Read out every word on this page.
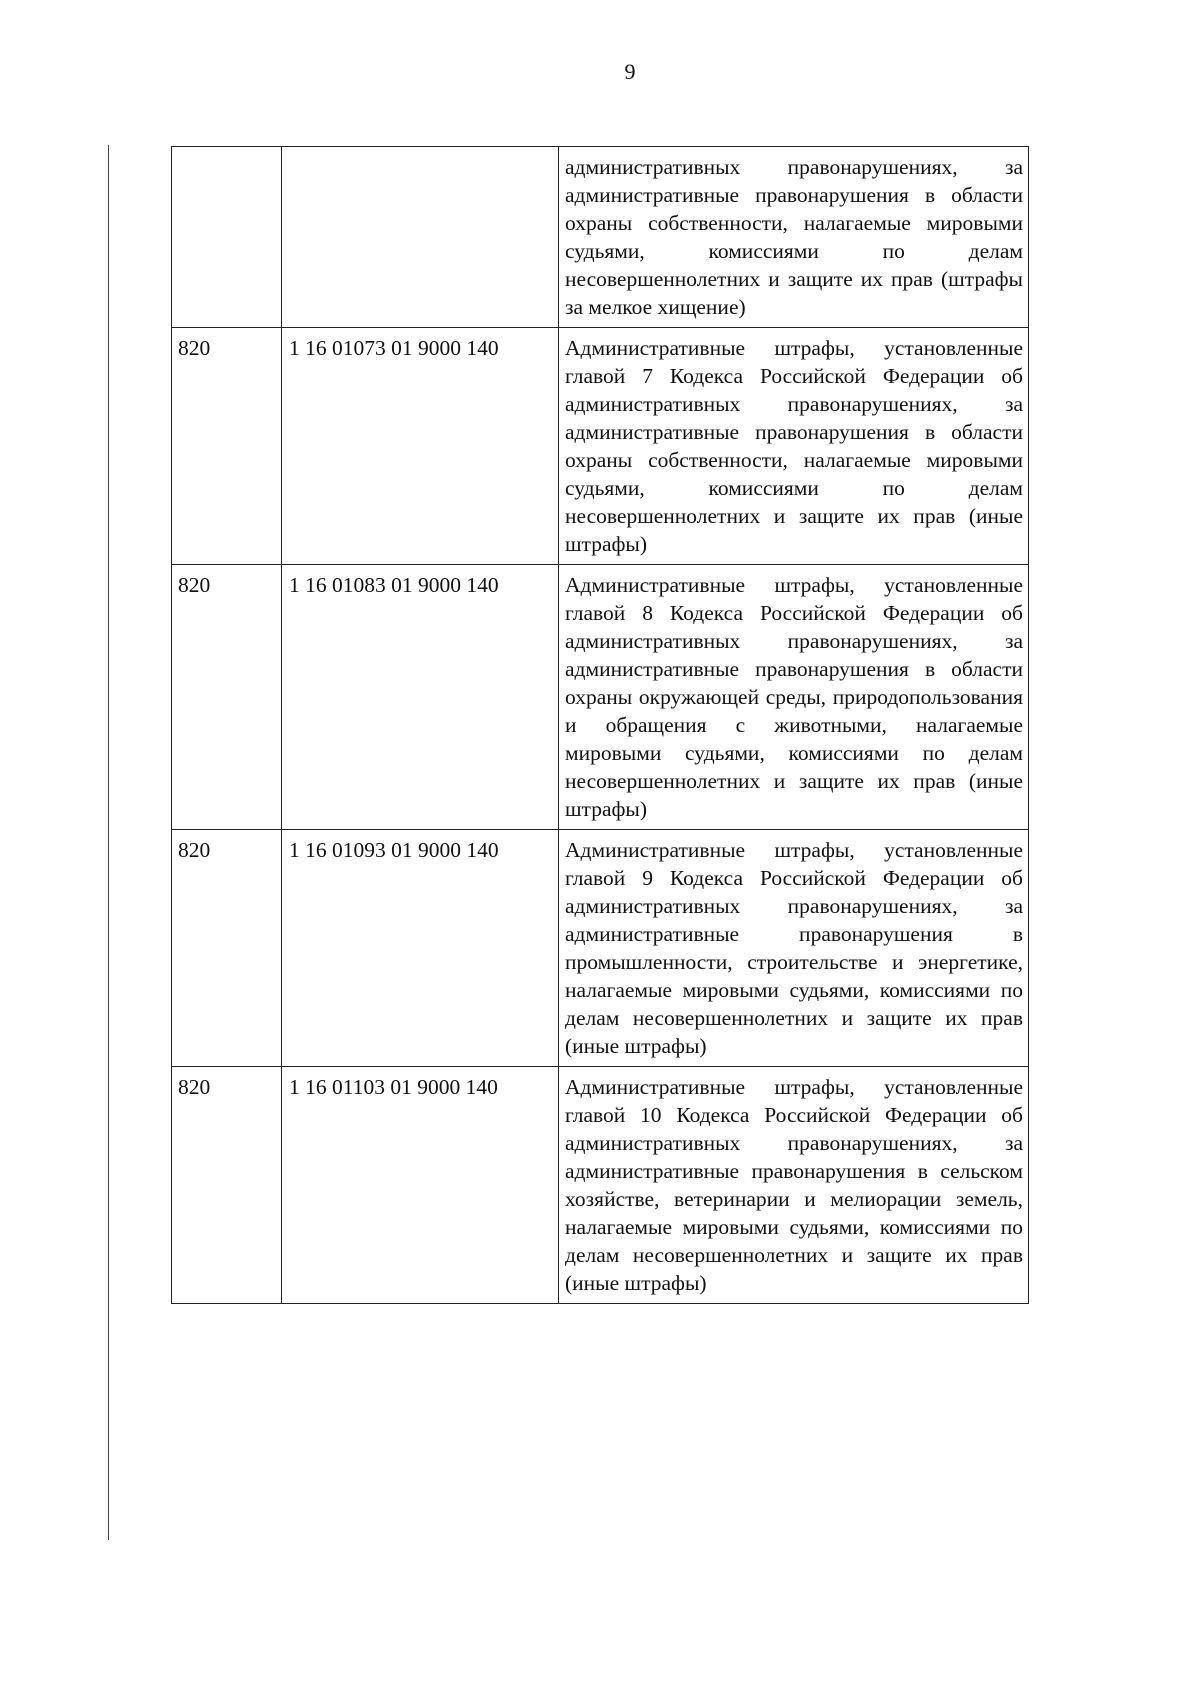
9
		административных правонарушениях, за административные правонарушения в области охраны собственности, налагаемые мировыми судьями, комиссиями по делам несовершеннолетних и защите их прав (штрафы за мелкое хищение)
820	1 16 01073 01 9000 140	Административные штрафы, установленные главой 7 Кодекса Российской Федерации об административных правонарушениях, за административные правонарушения в области охраны собственности, налагаемые мировыми судьями, комиссиями по делам несовершеннолетних и защите их прав (иные штрафы)
820	1 16 01083 01 9000 140	Административные штрафы, установленные главой 8 Кодекса Российской Федерации об административных правонарушениях, за административные правонарушения в области охраны окружающей среды, природопользования и обращения с животными, налагаемые мировыми судьями, комиссиями по делам несовершеннолетних и защите их прав (иные штрафы)
820	1 16 01093 01 9000 140	Административные штрафы, установленные главой 9 Кодекса Российской Федерации об административных правонарушениях, за административные правонарушения в промышленности, строительстве и энергетике, налагаемые мировыми судьями, комиссиями по делам несовершеннолетних и защите их прав (иные штрафы)
820	1 16 01103 01 9000 140	Административные штрафы, установленные главой 10 Кодекса Российской Федерации об административных правонарушениях, за административные правонарушения в сельском хозяйстве, ветеринарии и мелиорации земель, налагаемые мировыми судьями, комиссиями по делам несовершеннолетних и защите их прав (иные штрафы)
